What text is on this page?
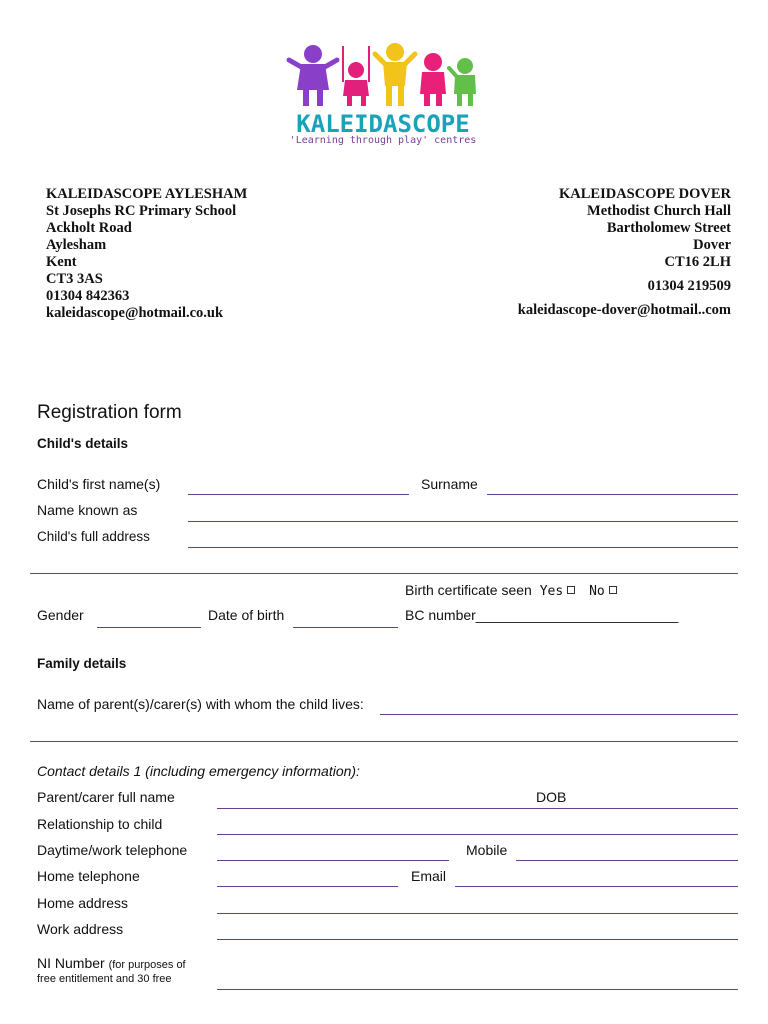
KALEIDASCOPE
'Learning through play' centres
KALEIDASCOPE AYLESHAM
St Josephs RC Primary School
Ackholt Road
Aylesham
Kent
CT3 3AS
01304 842363
kaleidascope@hotmail.co.uk
KALEIDASCOPE DOVER
Methodist Church Hall
Bartholomew Street
Dover
CT16 2LH
01304 219509
kaleidascope-dover@hotmail..com
Registration form
Child's details
Child's first name(s)	Surname
Name known as
Child's full address
Birth certificate seen Yes No
Gender	Date of birth	BC number__________________________
Family details
Name of parent(s)/carer(s) with whom the child lives:
Contact details 1 (including emergency information):
Parent/carer full name	DOB
Relationship to child
Daytime/work telephone	Mobile
Home telephone	Email
Home address
Work address
NI Number (for purposes of
free entitlement and 30 free
